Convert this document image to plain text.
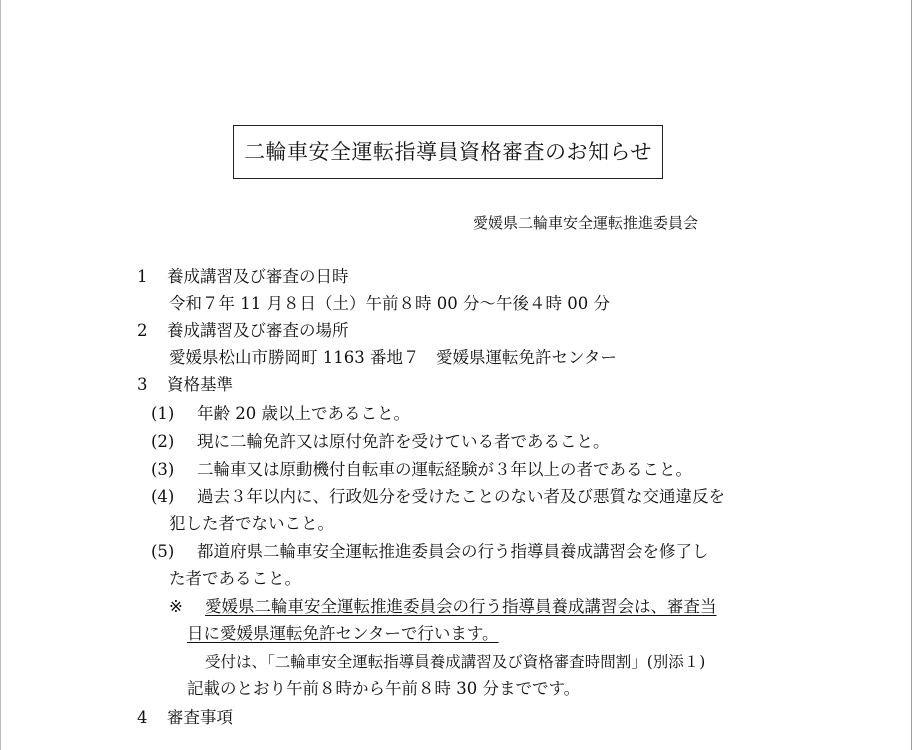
二輪車安全運転指導員資格審査のお知らせ
愛媛県二輪車安全運転推進委員会
1 養成講習及び審査の日時
令和７年 11 月８日（土）午前８時 00 分～午後４時 00 分
2 養成講習及び審査の場所
愛媛県松山市勝岡町 1163 番地７　愛媛県運転免許センター
3 資格基準
(1) 年齢 20 歳以上であること。
(2) 現に二輪免許又は原付免許を受けている者であること。
(3) 二輪車又は原動機付自転車の運転経験が３年以上の者であること。
(4) 過去３年以内に、行政処分を受けたことのない者及び悪質な交通違反を
犯した者でないこと。
(5) 都道府県二輪車安全運転推進委員会の行う指導員養成講習会を修了し
た者であること。
※ 愛媛県二輪車安全運転推進委員会の行う指導員養成講習会は、審査当
日に愛媛県運転免許センターで行います。
受付は、「二輪車安全運転指導員養成講習及び資格審査時間割」(別添１)
記載のとおり午前８時から午前８時 30 分までです。
4 審査事項
